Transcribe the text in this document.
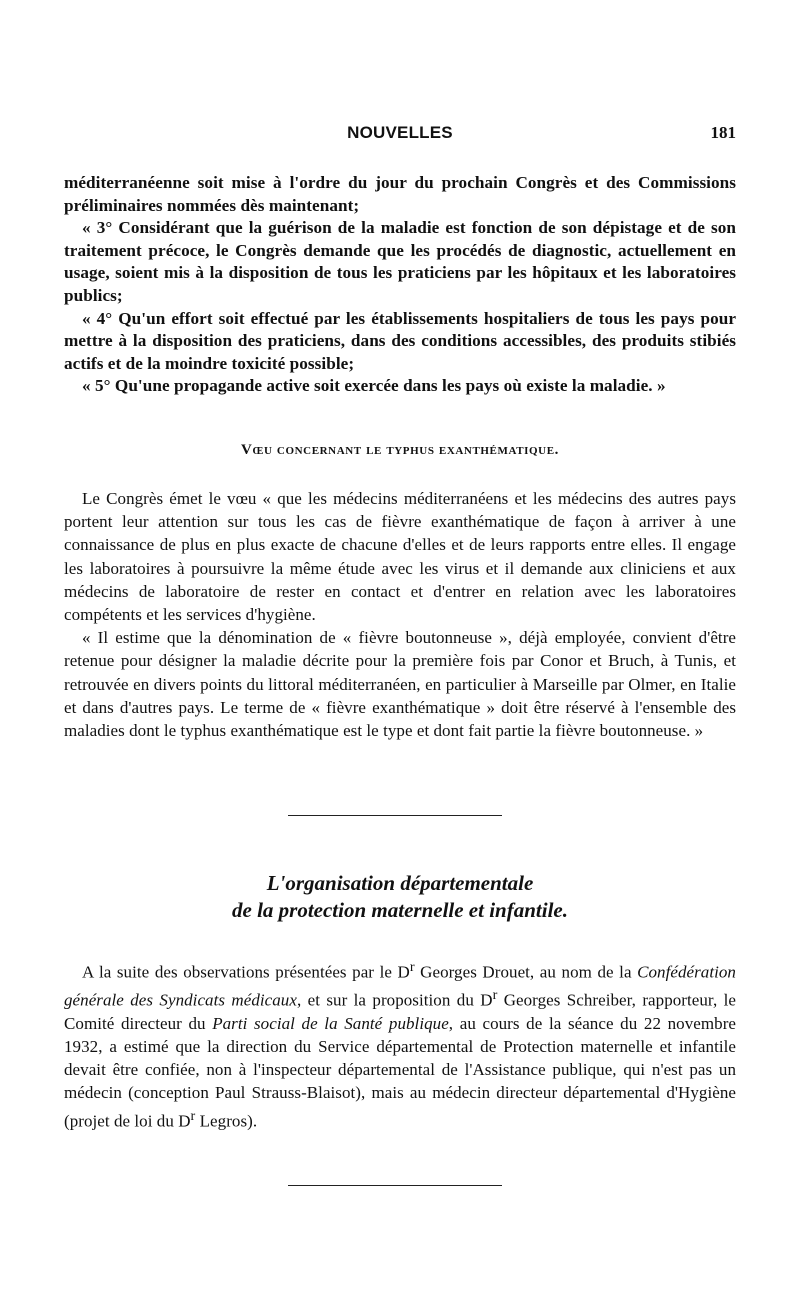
NOUVELLES	181

méditerranéenne soit mise à l'ordre du jour du prochain Congrès et des Commissions préliminaires nommées dès maintenant;

« 3° Considérant que la guérison de la maladie est fonction de son dépistage et de son traitement précoce, le Congrès demande que les procédés de diagnostic, actuellement en usage, soient mis à la disposition de tous les praticiens par les hôpitaux et les laboratoires publics;

« 4° Qu'un effort soit effectué par les établissements hospitaliers de tous les pays pour mettre à la disposition des praticiens, dans des conditions accessibles, des produits stibiés actifs et de la moindre toxicité possible;

« 5° Qu'une propagande active soit exercée dans les pays où existe la maladie. »

Vœu concernant le typhus exanthématique.

Le Congrès émet le vœu « que les médecins méditerranéens et les médecins des autres pays portent leur attention sur tous les cas de fièvre exanthématique de façon à arriver à une connaissance de plus en plus exacte de chacune d'elles et de leurs rapports entre elles. Il engage les laboratoires à poursuivre la même étude avec les virus et il demande aux cliniciens et aux médecins de laboratoire de rester en contact et d'entrer en relation avec les laboratoires compétents et les services d'hygiène.

« Il estime que la dénomination de « fièvre boutonneuse », déjà employée, convient d'être retenue pour désigner la maladie décrite pour la première fois par Conor et Bruch, à Tunis, et retrouvée en divers points du littoral méditerranéen, en particulier à Marseille par Olmer, en Italie et dans d'autres pays. Le terme de « fièvre exanthématique » doit être réservé à l'ensemble des maladies dont le typhus exanthématique est le type et dont fait partie la fièvre boutonneuse. »

L'organisation départementale
de la protection maternelle et infantile.

A la suite des observations présentées par le $D^r$ Georges Drouet, au nom de la Confédération générale des Syndicats médicaux, et sur la proposition du $D^r$ Georges Schreiber, rapporteur, le Comité directeur du Parti social de la Santé publique, au cours de la séance du 22 novembre 1932, a estimé que la direction du Service départemental de Protection maternelle et infantile devait être confiée, non à l'inspecteur départemental de l'Assistance publique, qui n'est pas un médecin (conception Paul Strauss-Blaisot), mais au médecin directeur départemental d'Hygiène (projet de loi du $D^r$ Legros).
